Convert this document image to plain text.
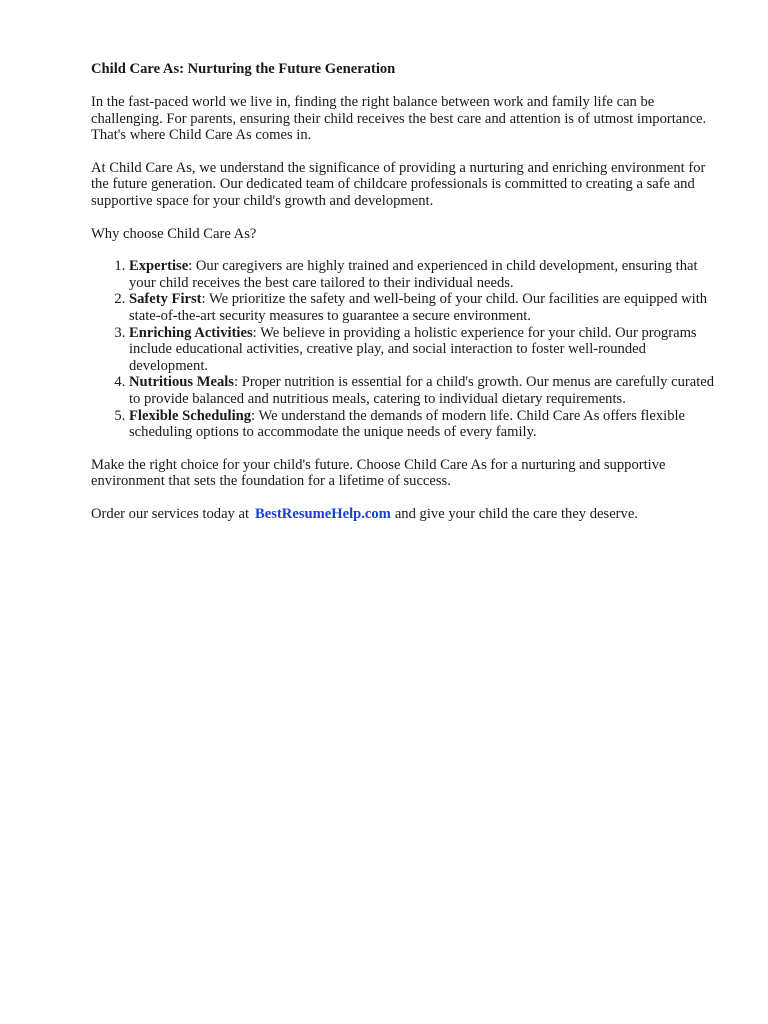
Child Care As: Nurturing the Future Generation

In the fast-paced world we live in, finding the right balance between work and family life can be challenging. For parents, ensuring their child receives the best care and attention is of utmost importance. That's where Child Care As comes in.

At Child Care As, we understand the significance of providing a nurturing and enriching environment for the future generation. Our dedicated team of childcare professionals is committed to creating a safe and supportive space for your child's growth and development.

Why choose Child Care As?

1. Expertise: Our caregivers are highly trained and experienced in child development, ensuring that your child receives the best care tailored to their individual needs.
2. Safety First: We prioritize the safety and well-being of your child. Our facilities are equipped with state-of-the-art security measures to guarantee a secure environment.
3. Enriching Activities: We believe in providing a holistic experience for your child. Our programs include educational activities, creative play, and social interaction to foster well-rounded development.
4. Nutritious Meals: Proper nutrition is essential for a child's growth. Our menus are carefully curated to provide balanced and nutritious meals, catering to individual dietary requirements.
5. Flexible Scheduling: We understand the demands of modern life. Child Care As offers flexible scheduling options to accommodate the unique needs of every family.

Make the right choice for your child's future. Choose Child Care As for a nurturing and supportive environment that sets the foundation for a lifetime of success.

Order our services today at BestResumeHelp.com and give your child the care they deserve.
